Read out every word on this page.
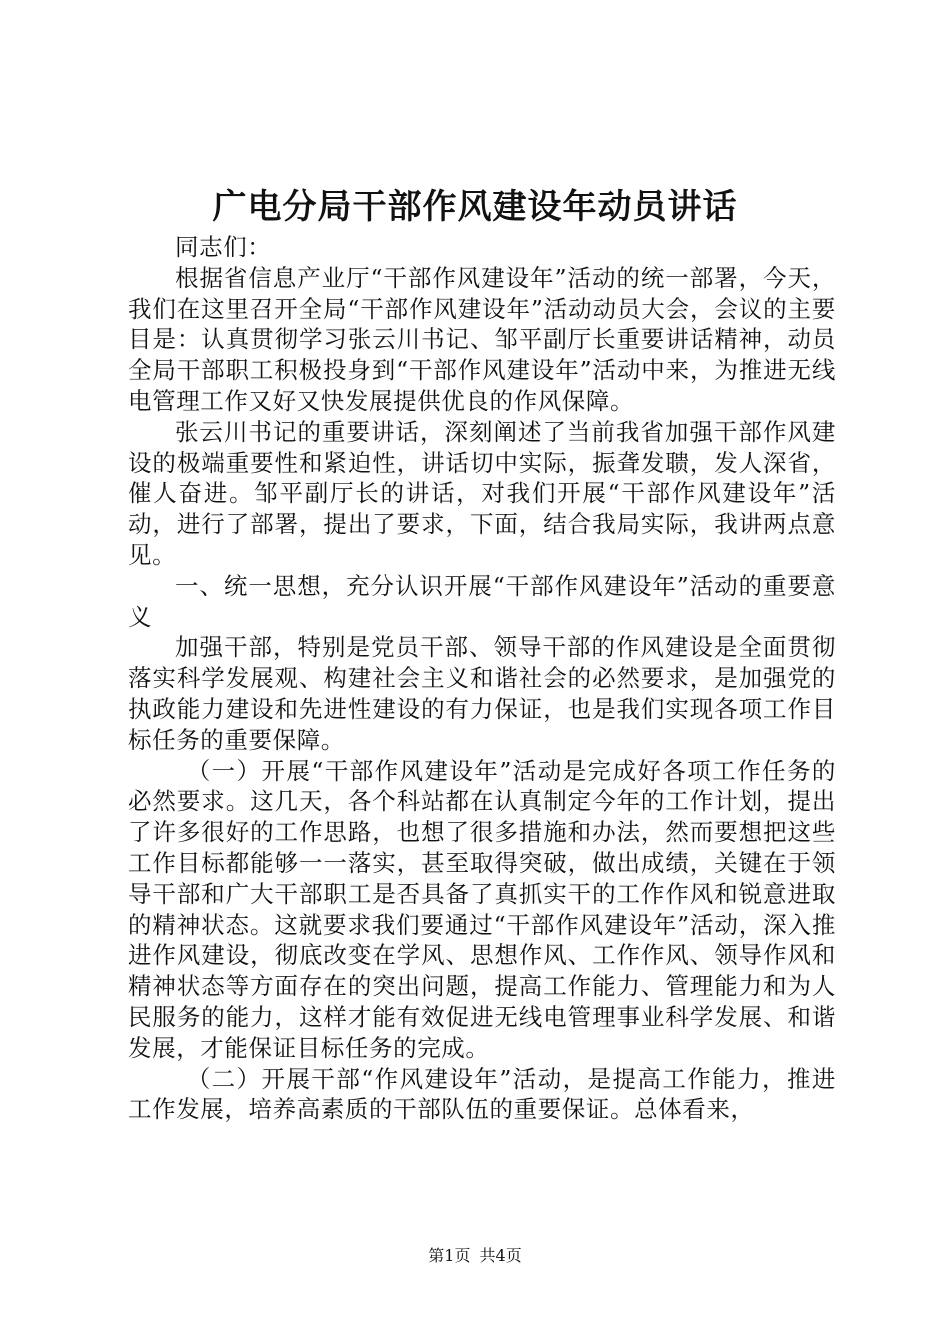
广电分局干部作风建设年动员讲话

同志们：

根据省信息产业厅“干部作风建设年”活动的统一部署，今天，我们在这里召开全局“干部作风建设年”活动动员大会，会议的主要目是：认真贯彻学习张云川书记、邹平副厅长重要讲话精神，动员全局干部职工积极投身到“干部作风建设年”活动中来，为推进无线电管理工作又好又快发展提供优良的作风保障。

张云川书记的重要讲话，深刻阐述了当前我省加强干部作风建设的极端重要性和紧迫性，讲话切中实际，振聋发聩，发人深省，催人奋进。邹平副厅长的讲话，对我们开展“干部作风建设年”活动，进行了部署，提出了要求，下面，结合我局实际，我讲两点意见。

一、统一思想，充分认识开展“干部作风建设年”活动的重要意义

加强干部，特别是党员干部、领导干部的作风建设是全面贯彻落实科学发展观、构建社会主义和谐社会的必然要求，是加强党的执政能力建设和先进性建设的有力保证，也是我们实现各项工作目标任务的重要保障。

（一）开展“干部作风建设年”活动是完成好各项工作任务的必然要求。这几天，各个科站都在认真制定今年的工作计划，提出了许多很好的工作思路，也想了很多措施和办法，然而要想把这些工作目标都能够一一落实，甚至取得突破，做出成绩，关键在于领导干部和广大干部职工是否具备了真抓实干的工作作风和锐意进取的精神状态。这就要求我们要通过“干部作风建设年”活动，深入推进作风建设，彻底改变在学风、思想作风、工作作风、领导作风和精神状态等方面存在的突出问题，提高工作能力、管理能力和为人民服务的能力，这样才能有效促进无线电管理事业科学发展、和谐发展，才能保证目标任务的完成。

（二）开展干部“作风建设年”活动，是提高工作能力，推进工作发展，培养高素质的干部队伍的重要保证。总体看来，

第1页 共4页
